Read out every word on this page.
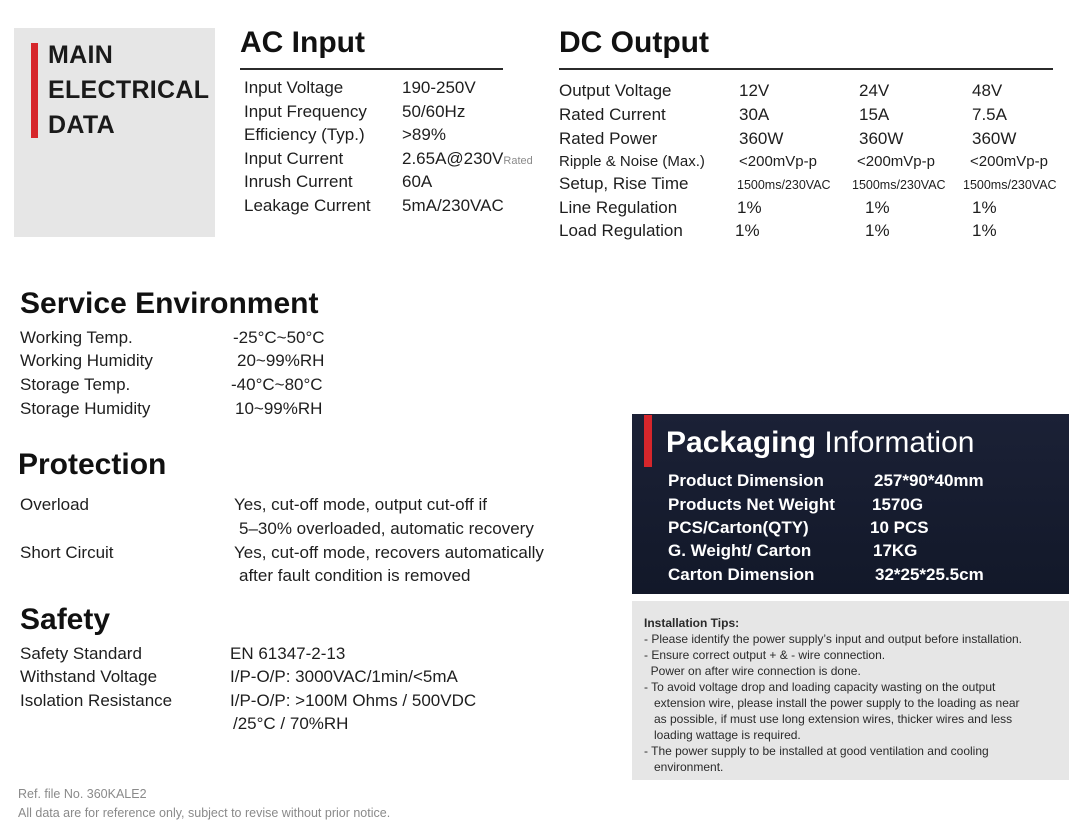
MAIN
ELECTRICAL
DATA
AC Input
Input Voltage	190-250V
Input Frequency 50/60Hz
Efficiency (Typ.) >89%
Input Current	2.65A@230VRated
Inrush Current	60A
Leakage Current 5mA/230VAC
DC Output
Output Voltage	12V	24V	48V
Rated Current	30A	15A	7.5A
Rated Power	360W	360W	360W
Ripple & Noise (Max.) <200mVp-p	<200mVp-p <200mVp-p
Setup, Rise Time	1500ms/230VAC 1500ms/230VAC 1500ms/230VAC
Line Regulation	1%	1%	1%
Load Regulation	1%	1%	1%
Service Environment
Working Temp.	-25°C~50°C
Working Humidity	20~99%RH
Storage Temp.	-40°C~80°C
Storage Humidity	10~99%RH
Protection
Overload	Yes, cut-off mode, output cut-off if
5–30% overloaded, automatic recovery
Short Circuit	Yes, cut-off mode, recovers automatically
after fault condition is removed
Safety
Safety Standard	EN 61347-2-13
Withstand Voltage	I/P-O/P: 3000VAC/1min/<5mA
Isolation Resistance	I/P-O/P: >100M Ohms / 500VDC
/25°C / 70%RH
Packaging Information
Product Dimension	257*90*40mm
Products Net Weight 1570G
PCS/Carton(QTY)	10 PCS
G. Weight/ Carton	17KG
Carton Dimension	32*25*25.5cm
Installation Tips:
- Please identify the power supply’s input and output before installation.
- Ensure correct output + & - wire connection.
Power on after wire connection is done.
- To avoid voltage drop and loading capacity wasting on the output
extension wire, please install the power supply to the loading as near
as possible, if must use long extension wires, thicker wires and less
loading wattage is required.
- The power supply to be installed at good ventilation and cooling
environment.
Ref. file No. 360KALE2
All data are for reference only, subject to revise without prior notice.
